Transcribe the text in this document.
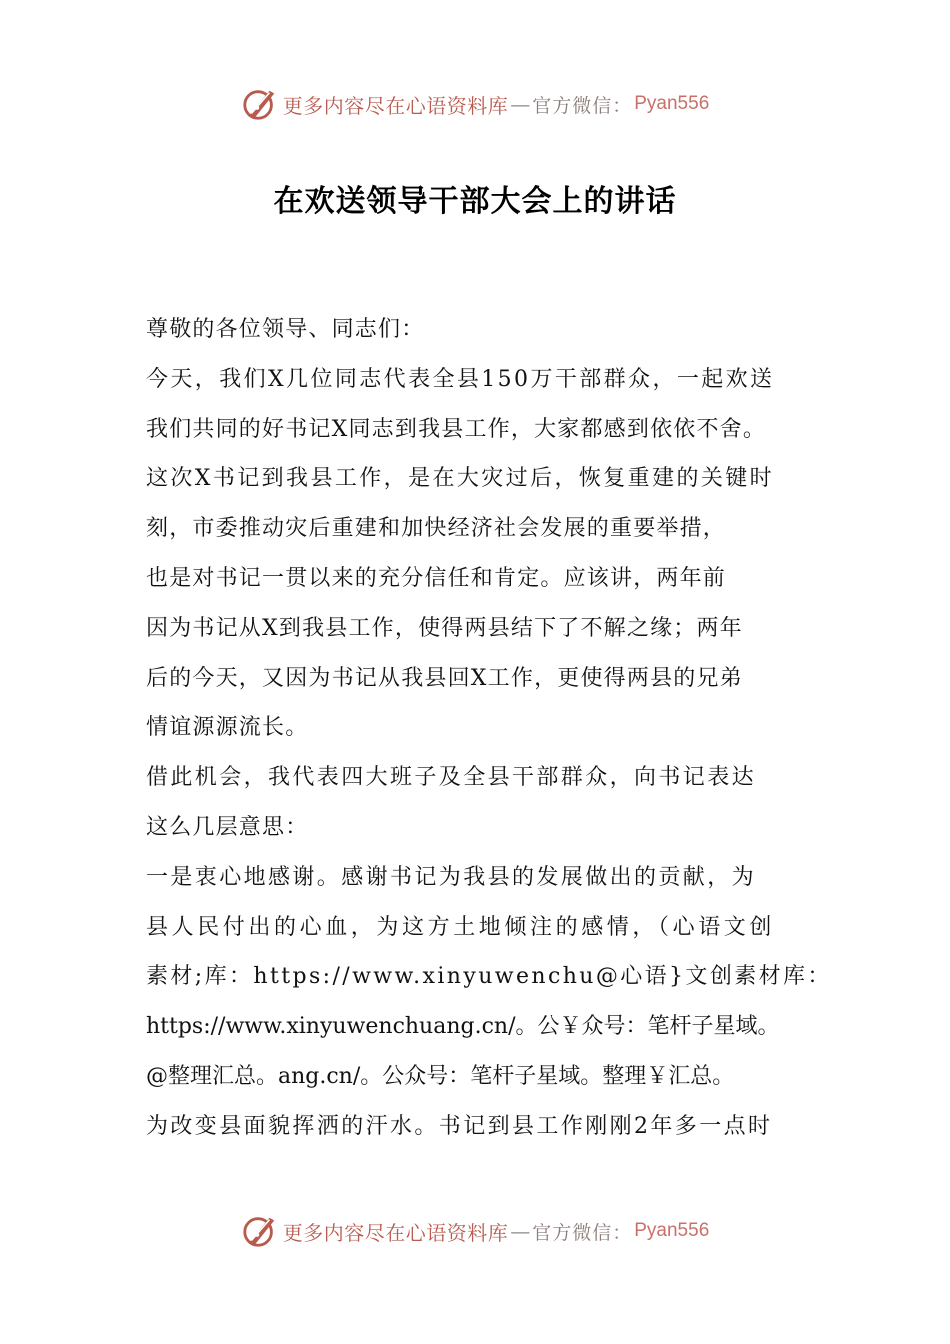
更多内容尽在心语资料库 — 官方微信： Pyan556
在欢送领导干部大会上的讲话
尊敬的各位领导、同志们：
今天，我们X几位同志代表全县150万干部群众，一起欢送
我们共同的好书记X同志到我县工作，大家都感到依依不舍。
这次X书记到我县工作，是在大灾过后，恢复重建的关键时
刻，市委推动灾后重建和加快经济社会发展的重要举措，
也是对书记一贯以来的充分信任和肯定。应该讲，两年前
因为书记从X到我县工作，使得两县结下了不解之缘；两年
后的今天，又因为书记从我县回X工作，更使得两县的兄弟
情谊源源流长。
借此机会，我代表四大班子及全县干部群众，向书记表达
这么几层意思：
一是衷心地感谢。感谢书记为我县的发展做出的贡献，为
县人民付出的心血，为这方土地倾注的感情，（心语文创
素材;库：https://www.xinyuwenchu@心语}文创素材库：
https://www.xinyuwenchuang.cn/。公￥众号：笔杆子星域。
@整理汇总。ang.cn/。公众号：笔杆子星域。整理￥汇总。
为改变县面貌挥洒的汗水。书记到县工作刚刚2年多一点时
更多内容尽在心语资料库 — 官方微信： Pyan556
